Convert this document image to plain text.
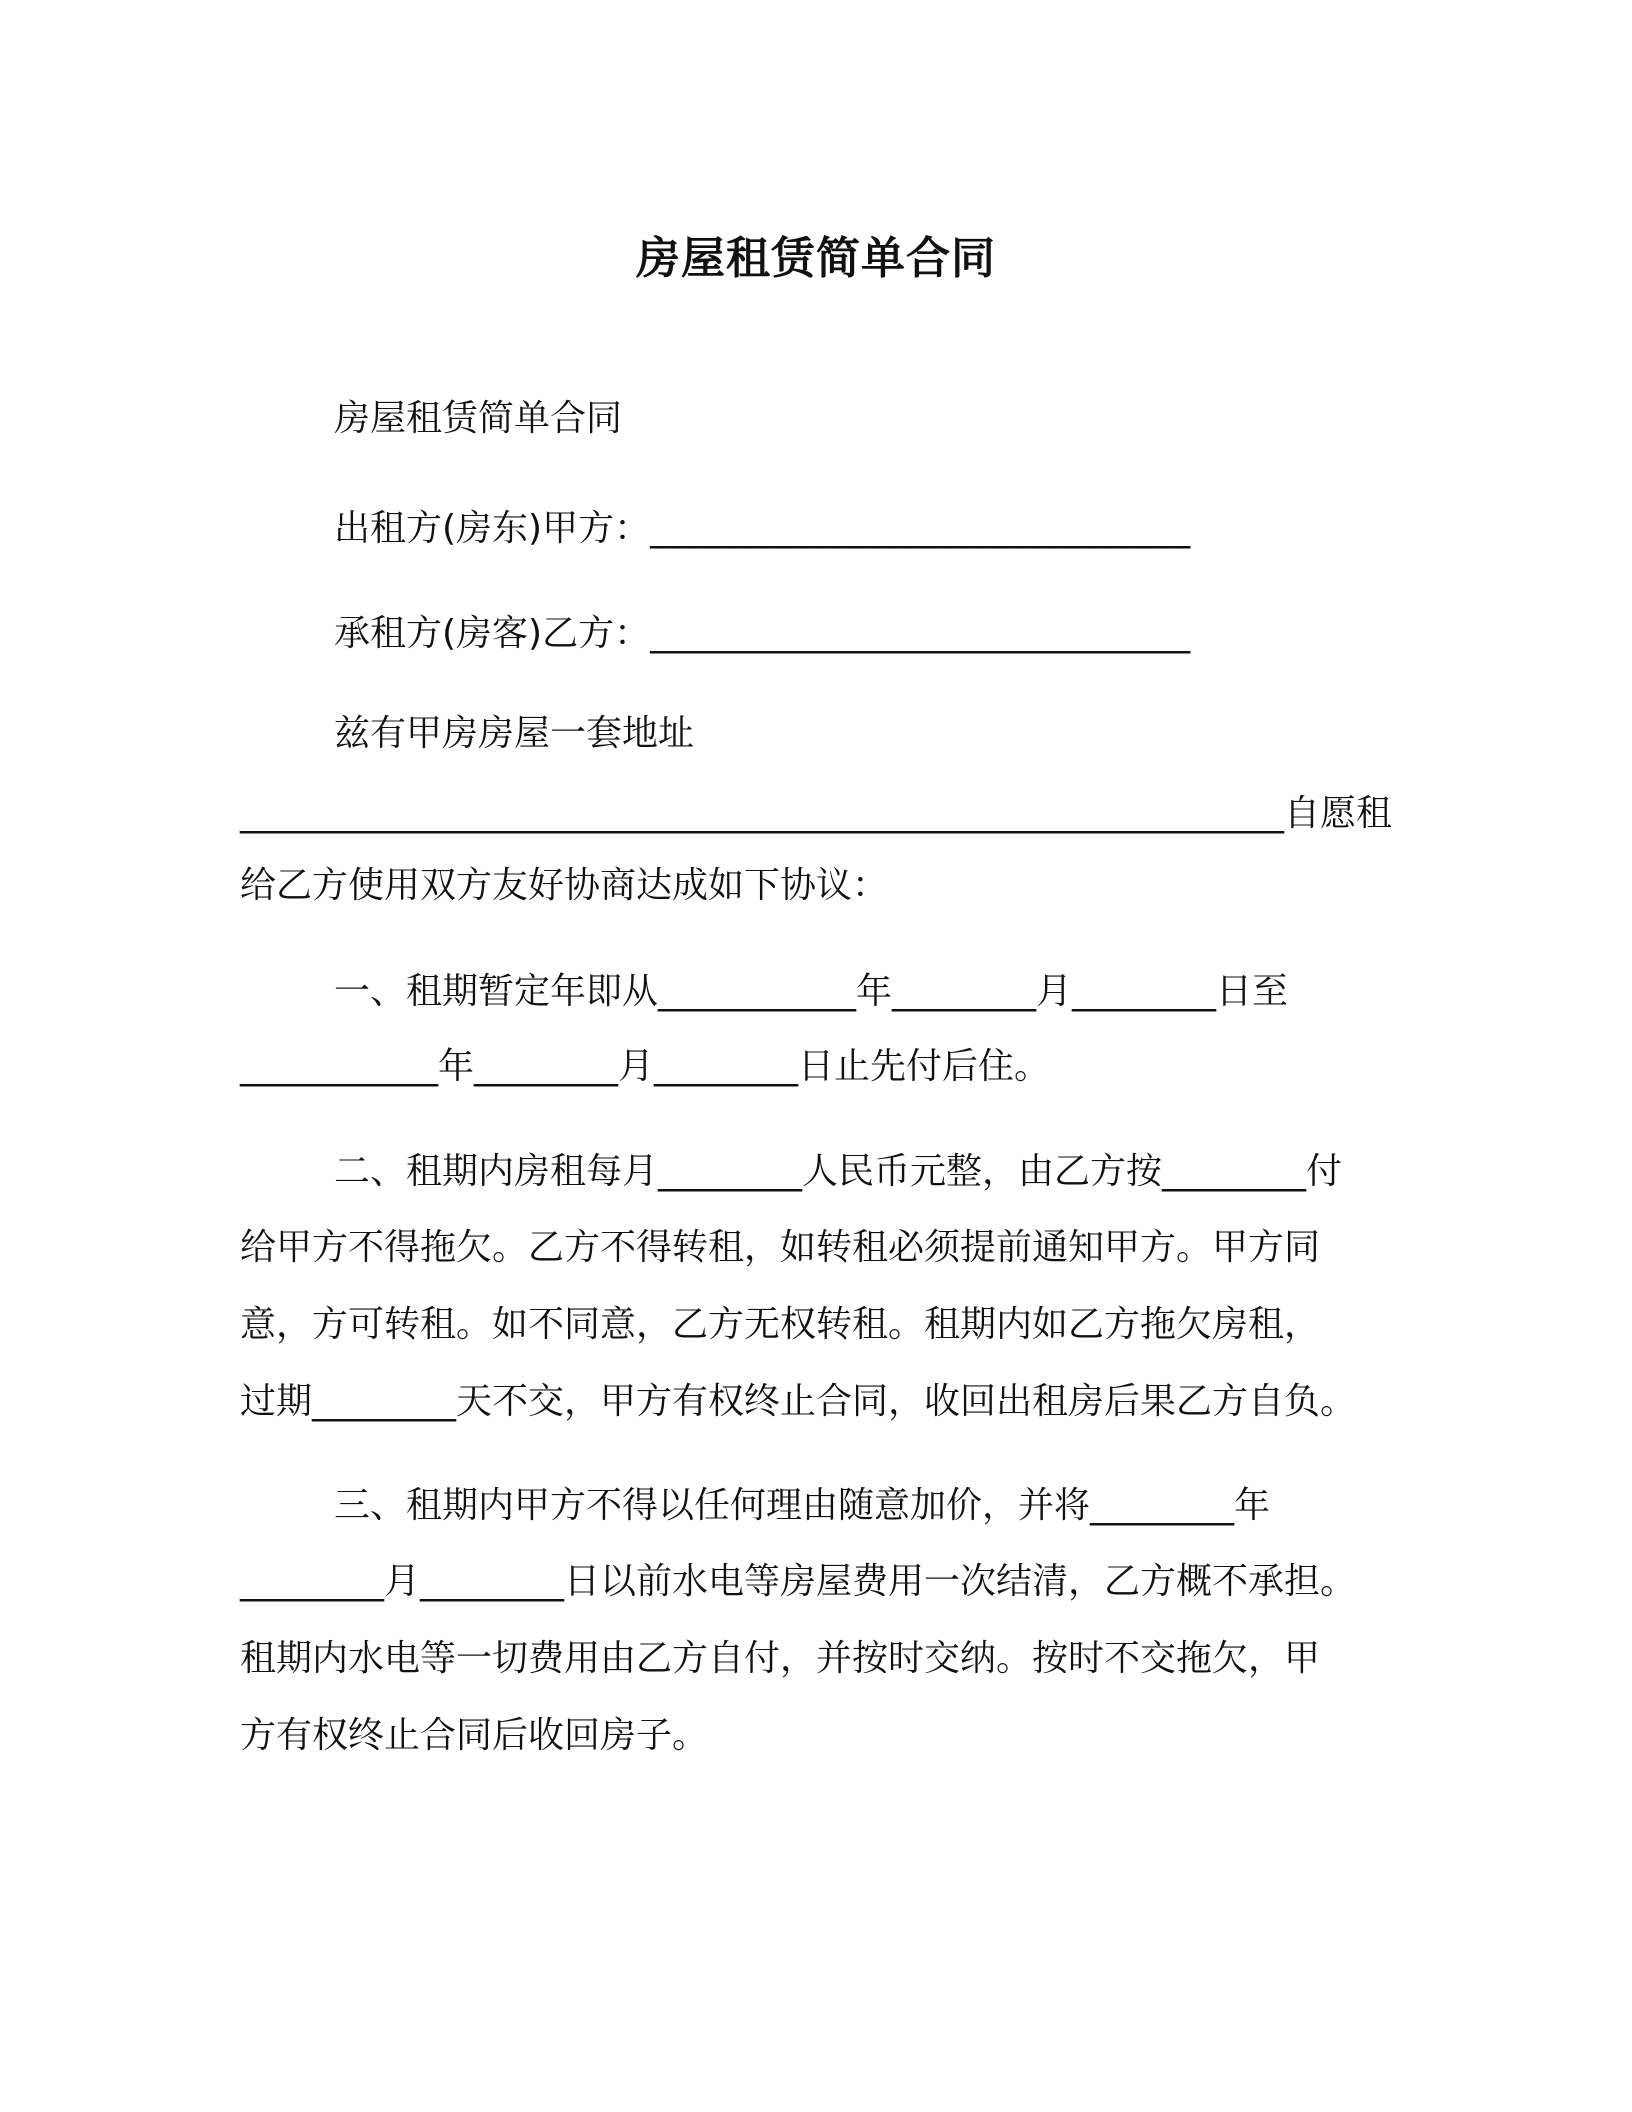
房屋租赁简单合同
房屋租赁简单合同
出租方(房东)甲方：______________________________
承租方(房客)乙方：______________________________
兹有甲房房屋一套地址
__________________________________________________________自愿租
给乙方使用双方友好协商达成如下协议：
一、租期暂定年即从___________年________月________日至
___________年________月________日止先付后住。
二、租期内房租每月________人民币元整，由乙方按________付
给甲方不得拖欠。乙方不得转租，如转租必须提前通知甲方。甲方同
意，方可转租。如不同意，乙方无权转租。租期内如乙方拖欠房租，
过期________天不交，甲方有权终止合同，收回出租房后果乙方自负。
三、租期内甲方不得以任何理由随意加价，并将________年
________月________日以前水电等房屋费用一次结清，乙方概不承担。
租期内水电等一切费用由乙方自付，并按时交纳。按时不交拖欠，甲
方有权终止合同后收回房子。
